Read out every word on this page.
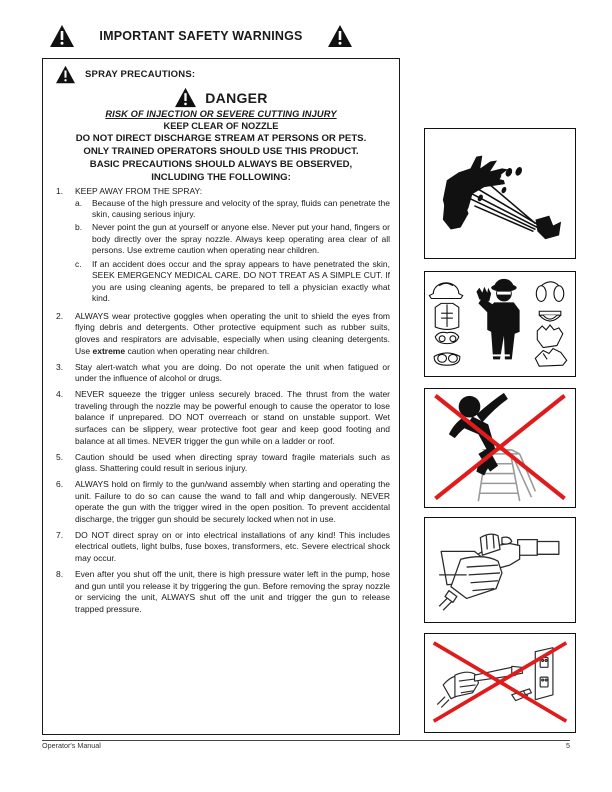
IMPORTANT SAFETY WARNINGS
SPRAY PRECAUTIONS:
DANGER
RISK OF INJECTION OR SEVERE CUTTING INJURY
KEEP CLEAR OF NOZZLE
DO NOT DIRECT DISCHARGE STREAM AT PERSONS OR PETS.
ONLY TRAINED OPERATORS SHOULD USE THIS PRODUCT.
BASIC PRECAUTIONS SHOULD ALWAYS BE OBSERVED,
INCLUDING THE FOLLOWING:
1.	KEEP AWAY FROM THE SPRAY:
a.	Because of the high pressure and velocity of the spray, fluids can penetrate the skin, causing serious injury.
b.	Never point the gun at yourself or anyone else. Never put your hand, fingers or body directly over the spray nozzle. Always keep operating area clear of all persons. Use extreme caution when operating near children.
c.	If an accident does occur and the spray appears to have penetrated the skin, SEEK EMERGENCY MEDICAL CARE. DO NOT TREAT AS A SIMPLE CUT. If you are using cleaning agents, be prepared to tell a physician exactly what kind.
2.	ALWAYS wear protective goggles when operating the unit to shield the eyes from flying debris and detergents. Other protective equipment such as rubber suits, gloves and respirators are advisable, especially when using cleaning detergents. Use extreme caution when operating near children.
3.	Stay alert-watch what you are doing. Do not operate the unit when fatigued or under the influence of alcohol or drugs.
4.	NEVER squeeze the trigger unless securely braced. The thrust from the water traveling through the nozzle may be powerful enough to cause the operator to lose balance if unprepared. DO NOT overreach or stand on unstable support. Wet surfaces can be slippery, wear protective foot gear and keep good footing and balance at all times. NEVER trigger the gun while on a ladder or roof.
5.	Caution should be used when directing spray toward fragile materials such as glass. Shattering could result in serious injury.
6.	ALWAYS hold on firmly to the gun/wand assembly when starting and operating the unit. Failure to do so can cause the wand to fall and whip dangerously. NEVER operate the gun with the trigger wired in the open position. To prevent accidental discharge, the trigger gun should be securely locked when not in use.
7.	DO NOT direct spray on or into electrical installations of any kind! This includes electrical outlets, light bulbs, fuse boxes, transformers, etc. Severe electrical shock may occur.
8.	Even after you shut off the unit, there is high pressure water left in the pump, hose and gun until you release it by triggering the gun. Before removing the spray nozzle or servicing the unit, ALWAYS shut off the unit and trigger the gun to release trapped pressure.
Operator's Manual	5
